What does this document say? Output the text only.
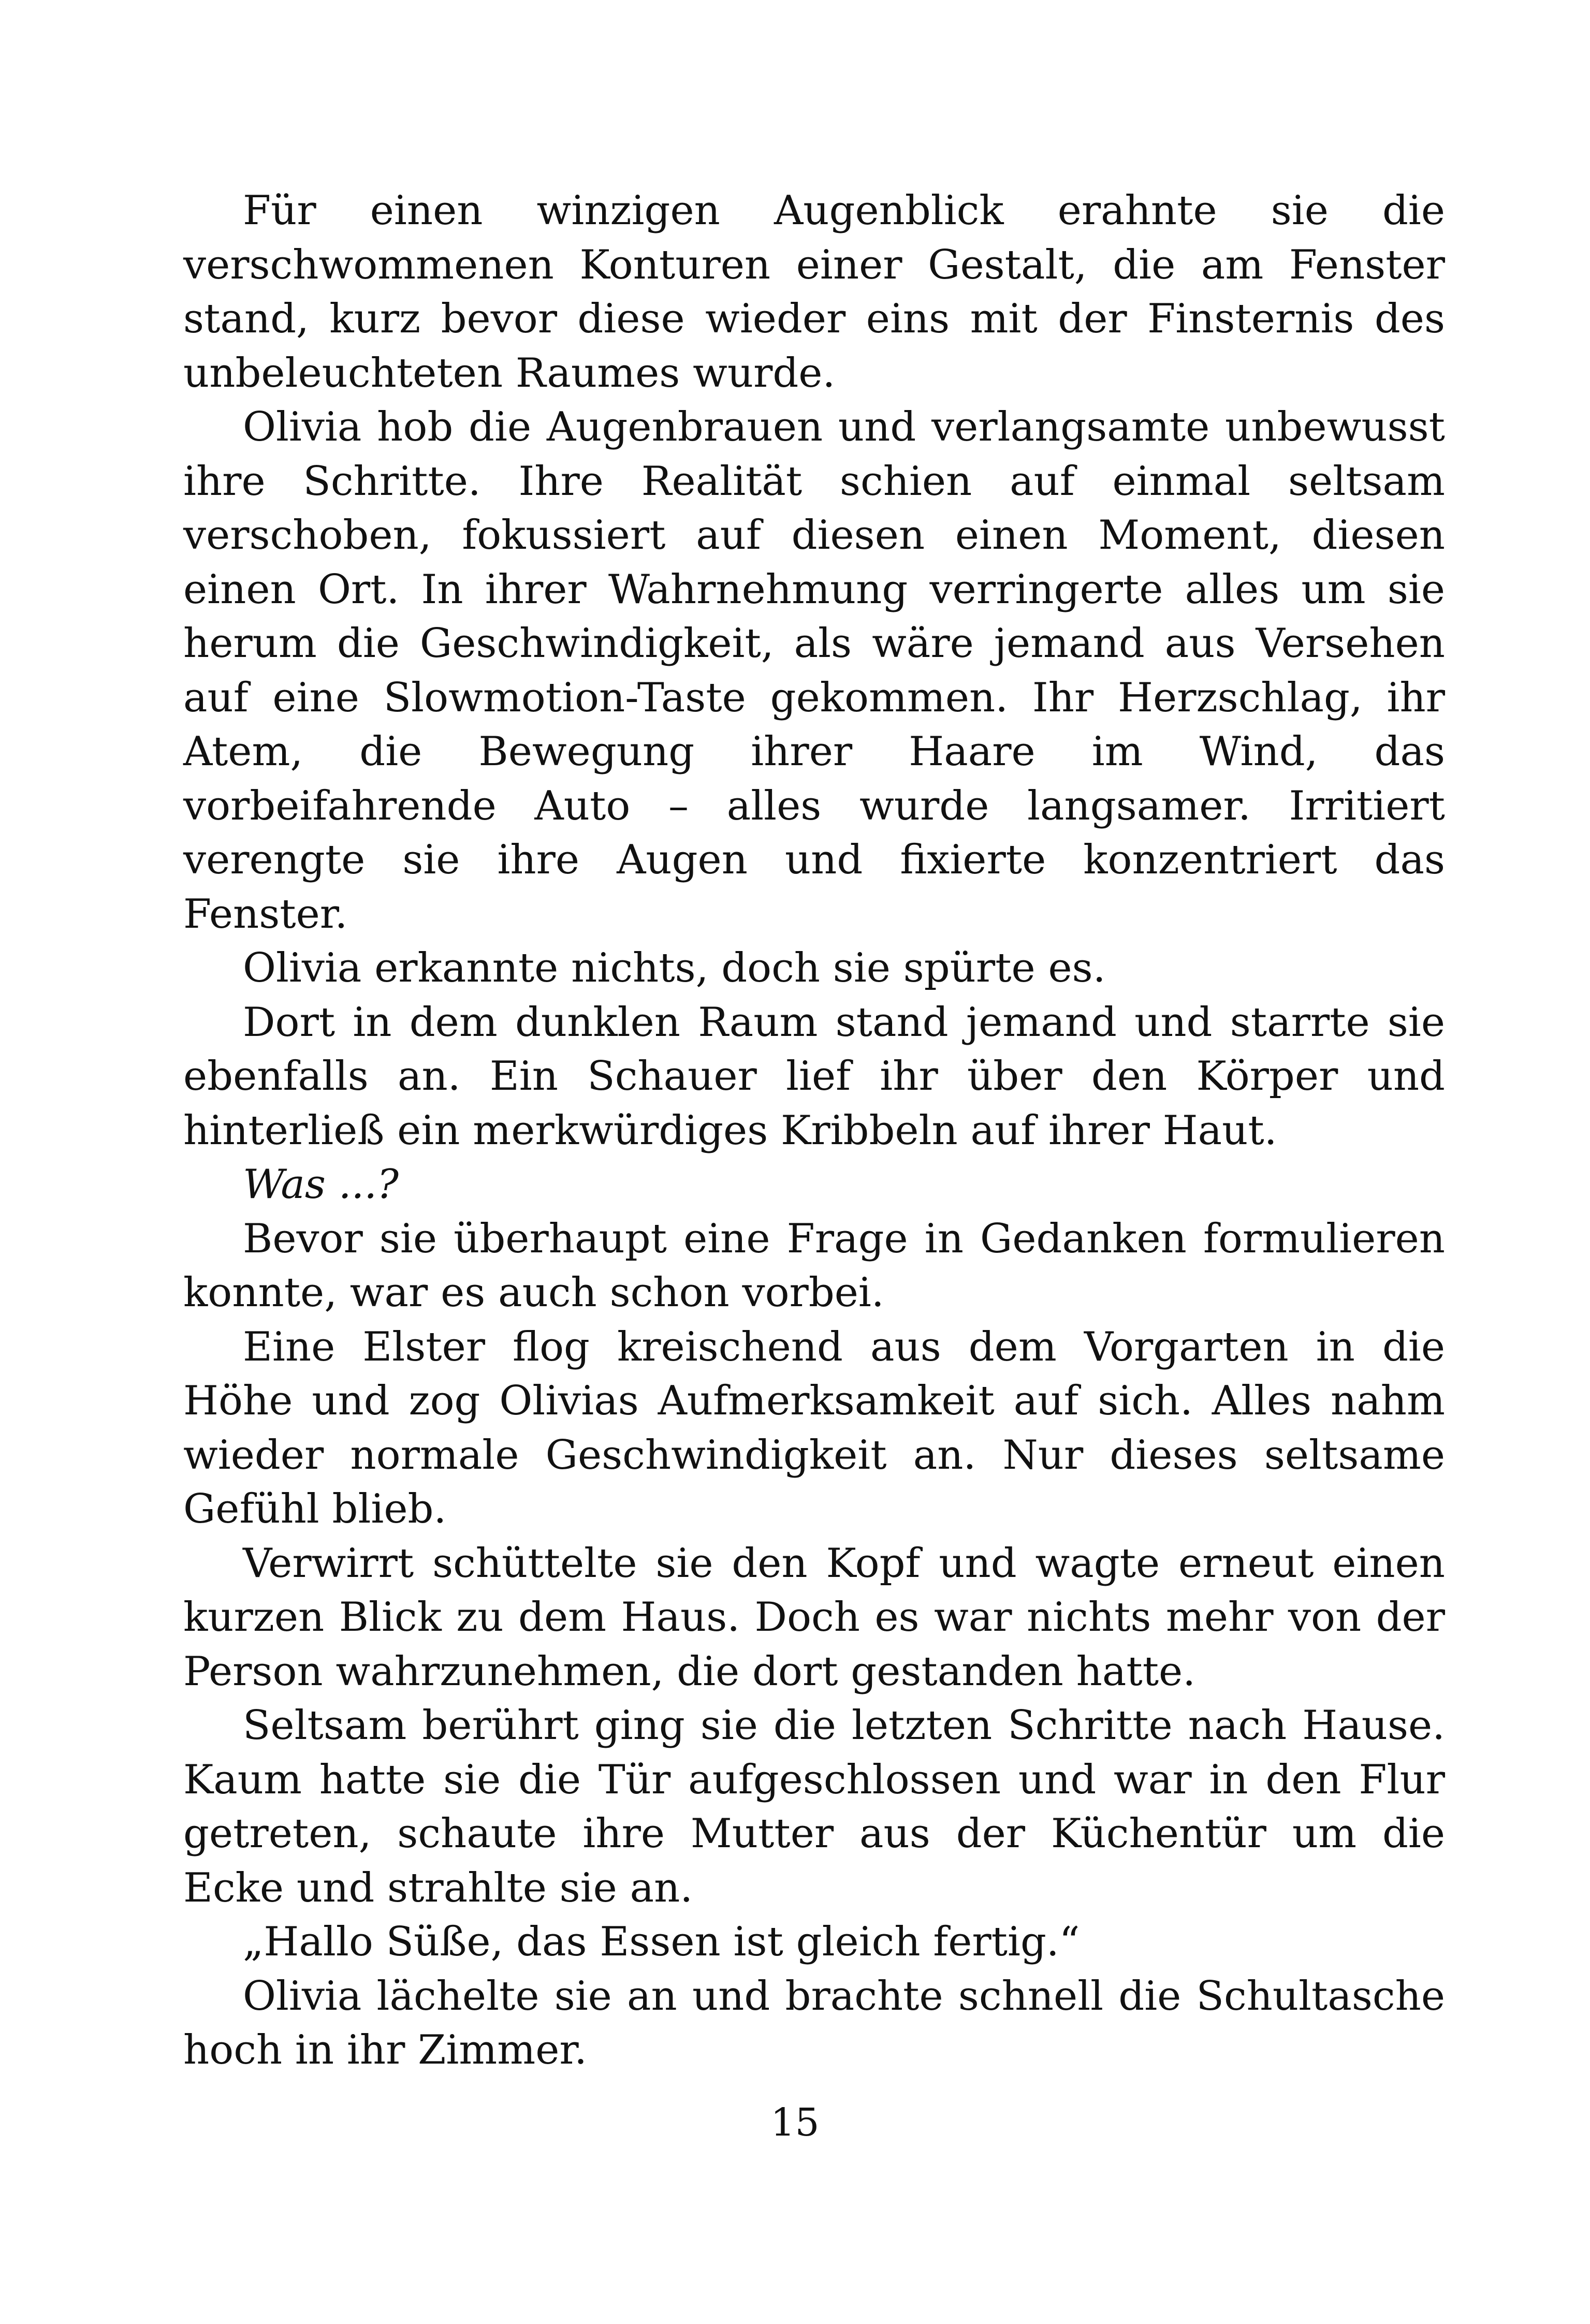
Für einen winzigen Augenblick erahnte sie die verschwommenen Konturen einer Gestalt, die am Fenster stand, kurz bevor diese wieder eins mit der Finsternis des unbeleuchteten Raumes wurde.

Olivia hob die Augenbrauen und verlangsamte unbewusst ihre Schritte. Ihre Realität schien auf einmal seltsam verschoben, fokussiert auf diesen einen Moment, diesen einen Ort. In ihrer Wahrnehmung verringerte alles um sie herum die Geschwindigkeit, als wäre jemand aus Versehen auf eine Slowmotion-Taste gekommen. Ihr Herzschlag, ihr Atem, die Bewegung ihrer Haare im Wind, das vorbeifahrende Auto – alles wurde langsamer. Irritiert verengte sie ihre Augen und fixierte konzentriert das Fenster.

Olivia erkannte nichts, doch sie spürte es.

Dort in dem dunklen Raum stand jemand und starrte sie ebenfalls an. Ein Schauer lief ihr über den Körper und hinterließ ein merkwürdiges Kribbeln auf ihrer Haut.

Was ...?

Bevor sie überhaupt eine Frage in Gedanken formulieren konnte, war es auch schon vorbei.

Eine Elster flog kreischend aus dem Vorgarten in die Höhe und zog Olivias Aufmerksamkeit auf sich. Alles nahm wieder normale Geschwindigkeit an. Nur dieses seltsame Gefühl blieb.

Verwirrt schüttelte sie den Kopf und wagte erneut einen kurzen Blick zu dem Haus. Doch es war nichts mehr von der Person wahrzunehmen, die dort gestanden hatte.

Seltsam berührt ging sie die letzten Schritte nach Hause. Kaum hatte sie die Tür aufgeschlossen und war in den Flur getreten, schaute ihre Mutter aus der Küchentür um die Ecke und strahlte sie an.

„Hallo Süße, das Essen ist gleich fertig.“

Olivia lächelte sie an und brachte schnell die Schultasche hoch in ihr Zimmer.

15
